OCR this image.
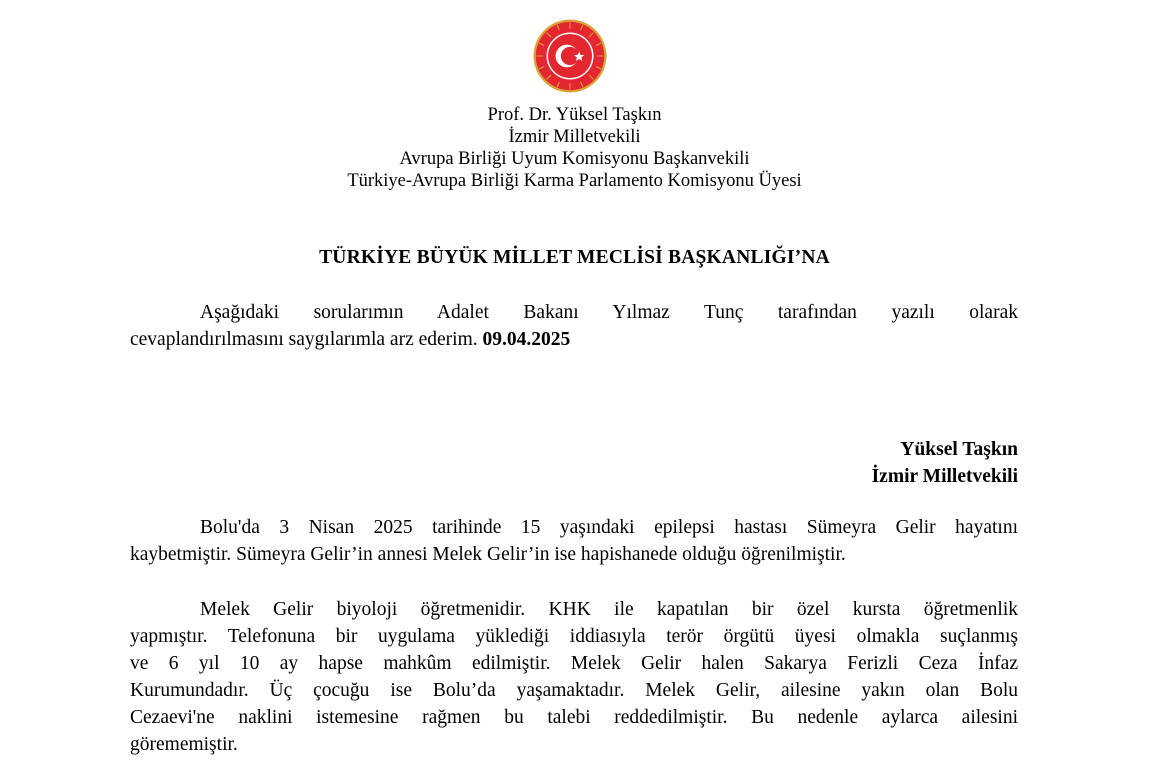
Prof. Dr. Yüksel Taşkın
İzmir Milletvekili
Avrupa Birliği Uyum Komisyonu Başkanvekili
Türkiye-Avrupa Birliği Karma Parlamento Komisyonu Üyesi
TÜRKİYE BÜYÜK MİLLET MECLİSİ BAŞKANLIĞI’NA
Aşağıdaki sorularımın Adalet Bakanı Yılmaz Tunç tarafından yazılı olarak
cevaplandırılmasını saygılarımla arz ederim. 09.04.2025
Yüksel Taşkın
İzmir Milletvekili
Bolu'da 3 Nisan 2025 tarihinde 15 yaşındaki epilepsi hastası Sümeyra Gelir hayatını
kaybetmiştir. Sümeyra Gelir’in annesi Melek Gelir’in ise hapishanede olduğu öğrenilmiştir.
Melek Gelir biyoloji öğretmenidir. KHK ile kapatılan bir özel kursta öğretmenlik
yapmıştır. Telefonuna bir uygulama yüklediği iddiasıyla terör örgütü üyesi olmakla suçlanmış
ve 6 yıl 10 ay hapse mahkûm edilmiştir. Melek Gelir halen Sakarya Ferizli Ceza İnfaz
Kurumundadır. Üç çocuğu ise Bolu’da yaşamaktadır. Melek Gelir, ailesine yakın olan Bolu
Cezaevi'ne naklini istemesine rağmen bu talebi reddedilmiştir. Bu nedenle aylarca ailesini
görememiştir.
